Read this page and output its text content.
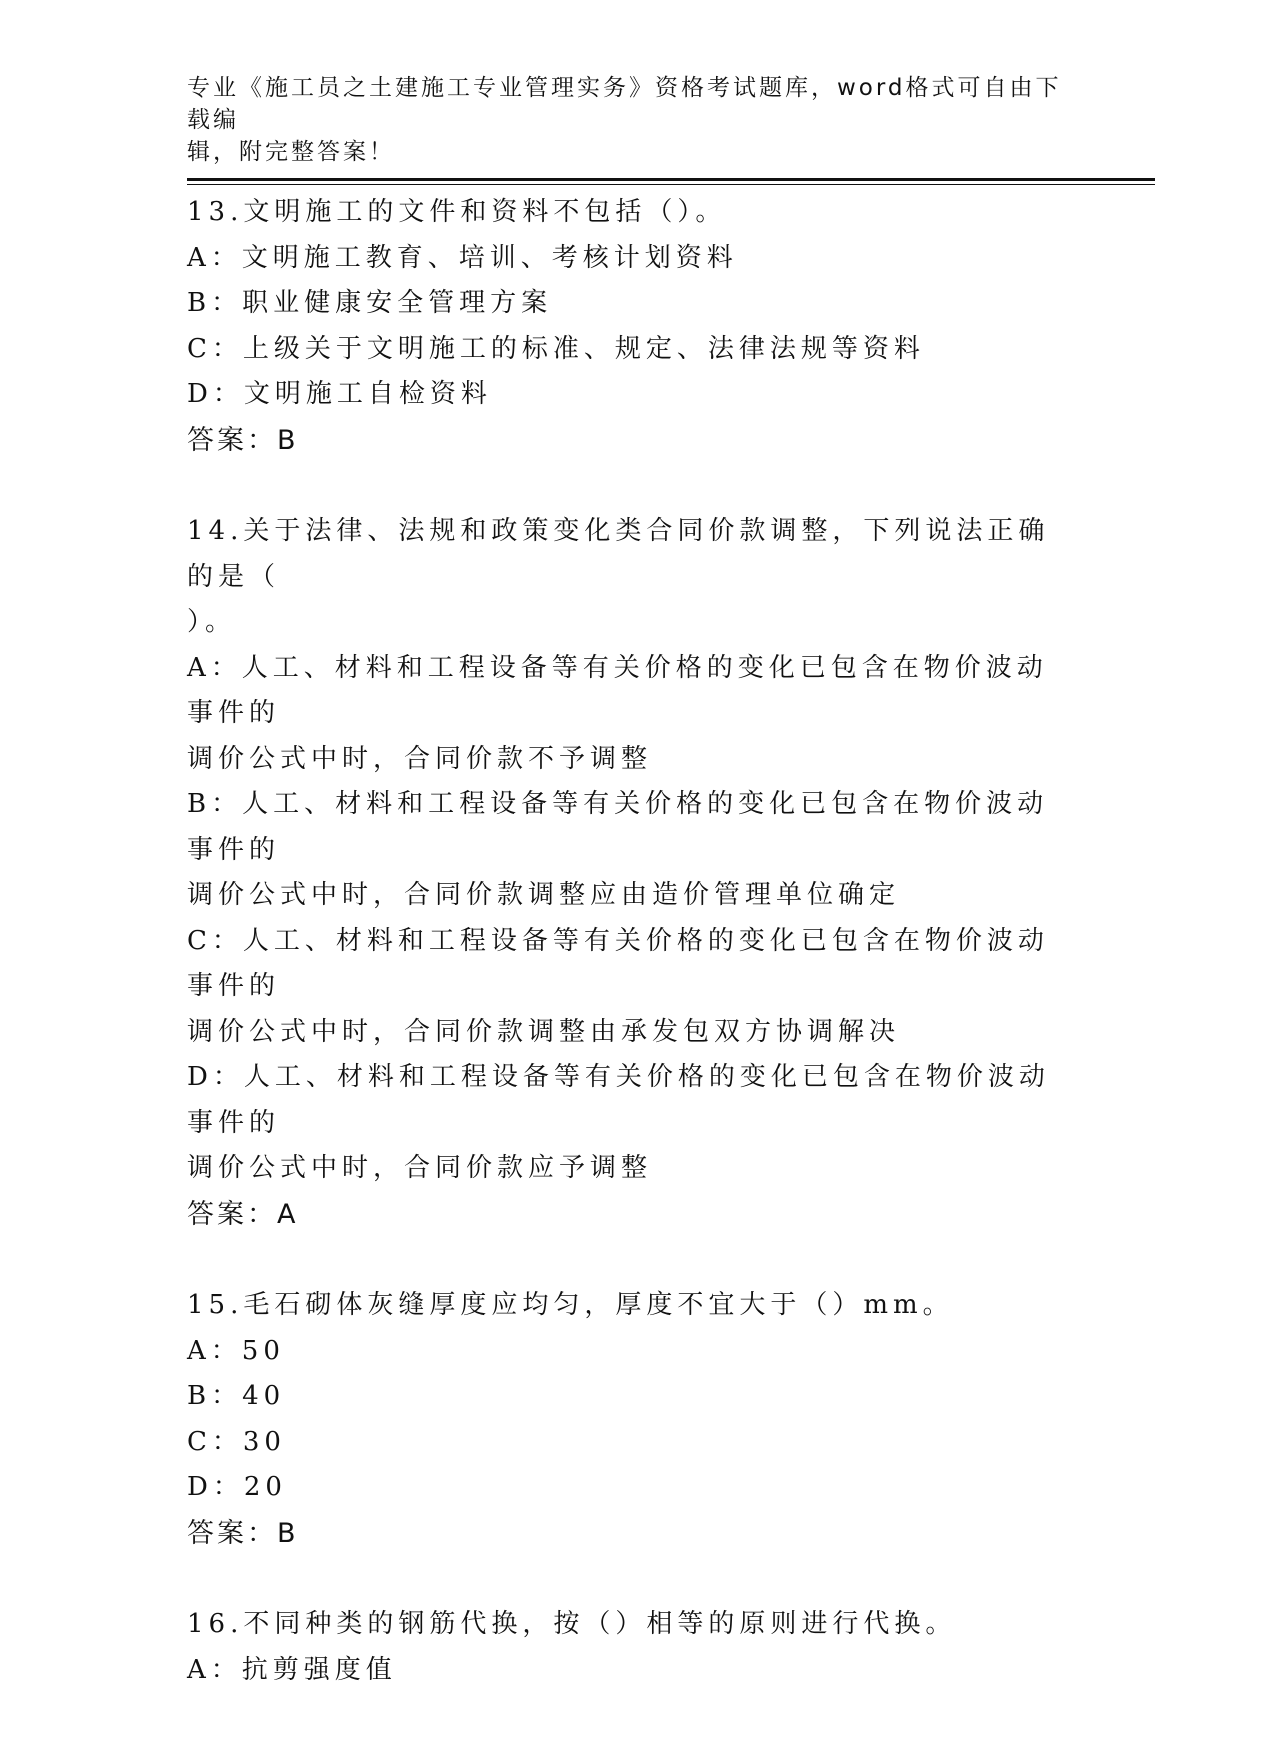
专业《施工员之土建施工专业管理实务》资格考试题库，word格式可自由下载编
辑，附完整答案！
13.文明施工的文件和资料不包括（）。
A：文明施工教育、培训、考核计划资料
B：职业健康安全管理方案
C：上级关于文明施工的标准、规定、法律法规等资料
D：文明施工自检资料
答案：B
14.关于法律、法规和政策变化类合同价款调整，下列说法正确的是（
）。
A：人工、材料和工程设备等有关价格的变化已包含在物价波动事件的
调价公式中时，合同价款不予调整
B：人工、材料和工程设备等有关价格的变化已包含在物价波动事件的
调价公式中时，合同价款调整应由造价管理单位确定
C：人工、材料和工程设备等有关价格的变化已包含在物价波动事件的
调价公式中时，合同价款调整由承发包双方协调解决
D：人工、材料和工程设备等有关价格的变化已包含在物价波动事件的
调价公式中时，合同价款应予调整
答案：A
15.毛石砌体灰缝厚度应均匀，厚度不宜大于（）mm。
A：50
B：40
C：30
D：20
答案：B
16.不同种类的钢筋代换，按（）相等的原则进行代换。
A：抗剪强度值
